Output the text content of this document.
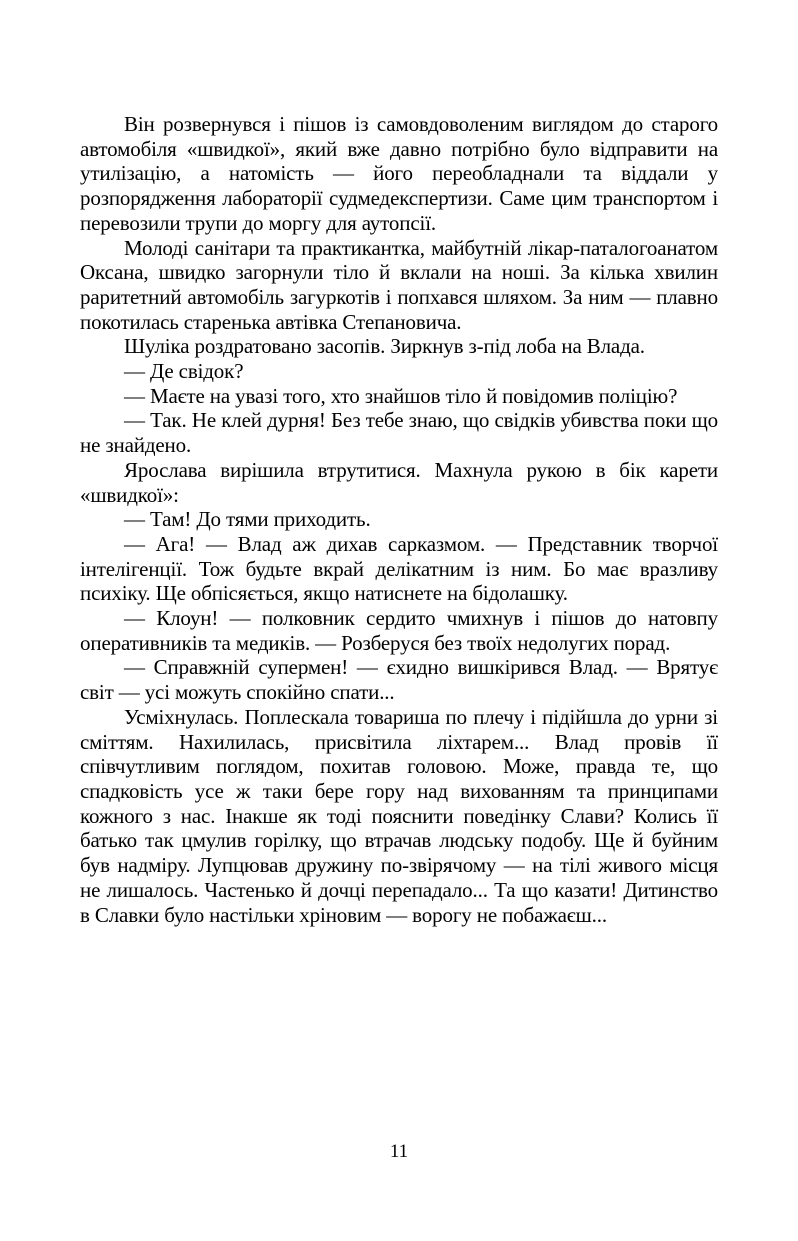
Він розвернувся і пішов із самовдоволеним виглядом до старого автомобіля «швидкої», який вже давно потрібно було відправити на утилізацію, а натомість — його переобладнали та віддали у розпорядження лабораторії судмедекспертизи. Саме цим транспортом і перевозили трупи до моргу для аутопсії.

Молоді санітари та практикантка, майбутній лікар-паталогоанатом Оксана, швидко загорнули тіло й вклали на ноші. За кілька хвилин раритетний автомобіль загуркотів і попхався шляхом. За ним — плавно покотилась старенька автівка Степановича.

Шуліка роздратовано засопів. Зиркнув з-під лоба на Влада.

— Де свідок?

— Маєте на увазі того, хто знайшов тіло й повідомив поліцію?

— Так. Не клей дурня! Без тебе знаю, що свідків убивства поки що не знайдено.

Ярослава вирішила втрутитися. Махнула рукою в бік карети «швидкої»:

— Там! До тями приходить.

— Ага! — Влад аж дихав сарказмом. — Представник творчої інтелігенції. Тож будьте вкрай делікатним із ним. Бо має вразливу психіку. Ще обпісяється, якщо натиснете на бідолашку.

— Клоун! — полковник сердито чмихнув і пішов до натовпу оперативників та медиків. — Розберуся без твоїх недолугих порад.

— Справжній супермен! — єхидно вишкірився Влад. — Врятує світ — усі можуть спокійно спати...

Усміхнулась. Поплескала товариша по плечу і підійшла до урни зі сміттям. Нахилилась, присвітила ліхтарем... Влад провів її співчутливим поглядом, похитав головою. Може, правда те, що спадковість усе ж таки бере гору над вихованням та принципами кожного з нас. Інакше як тоді пояснити поведінку Слави? Колись її батько так цмулив горілку, що втрачав людську подобу. Ще й буйним був надміру. Лупцював дружину по-звірячому — на тілі живого місця не лишалось. Частенько й дочці перепадало... Та що казати! Дитинство в Славки було настільки хріновим — ворогу не побажаєш...

11
